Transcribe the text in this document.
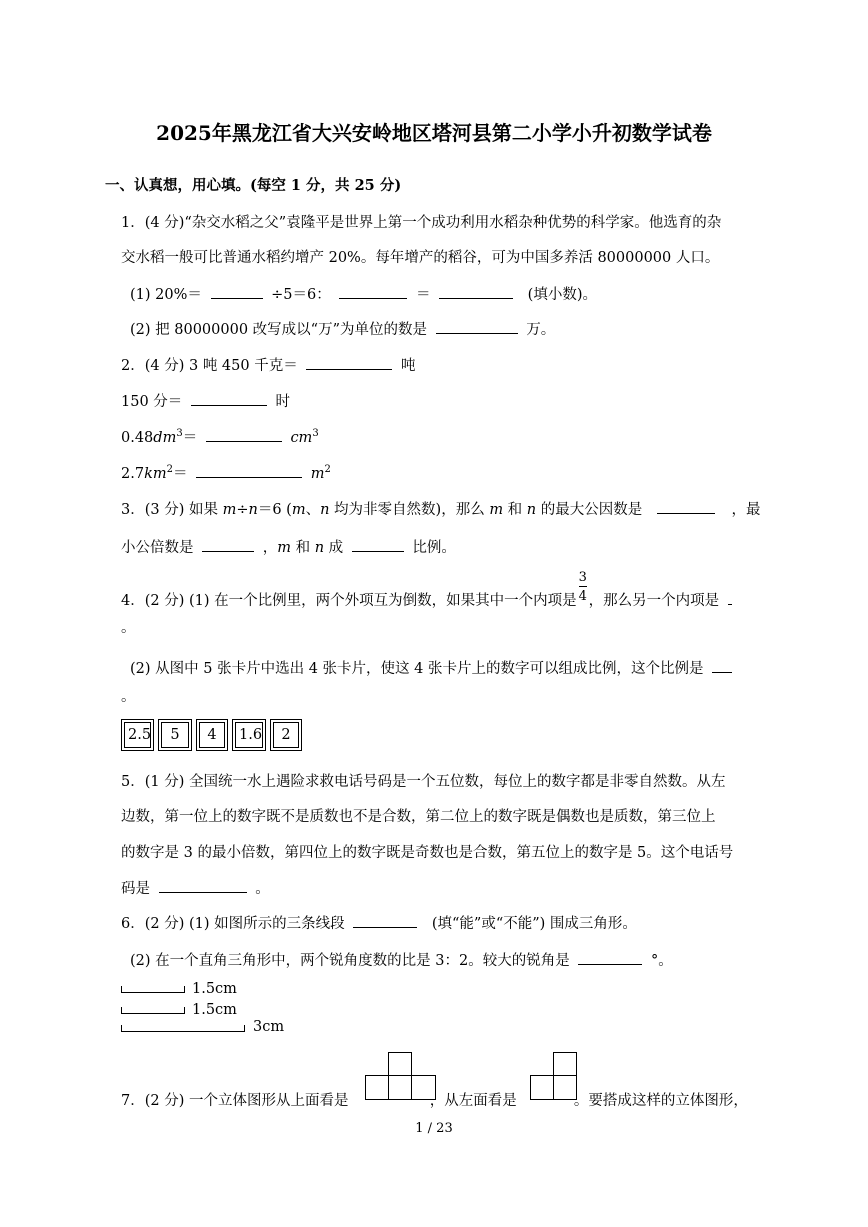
2025年黑龙江省大兴安岭地区塔河县第二小学小升初数学试卷
一、认真想，用心填。(每空 1 分，共 25 分)
1．(4 分)“杂交水稻之父”袁隆平是世界上第一个成功利用水稻杂种优势的科学家。他选育的杂
交水稻一般可比普通水稻约增产 20%。每年增产的稻谷，可为中国多养活 80000000 人口。
(1) 20%＝	÷5＝6：	＝	(填小数)。
(2) 把 80000000 改写成以“万”为单位的数是	万。
2．(4 分) 3 吨 450 千克＝	吨
150 分＝	时
$0.48dm^3=$	$cm^3$
$2.7km^2=$	$m^2$
3．(3 分) 如果 m÷n＝6 (m、n 均为非零自然数)，那么 m 和 n 的最大公因数是	，最
小公倍数是	，m 和 n 成	比例。
4．(2 分) (1) 在一个比例里，两个外项互为倒数，如果其中一个内项是 $\frac{3}{4}$ ，那么另一个内项是
。
(2) 从图中 5 张卡片中选出 4 张卡片，使这 4 张卡片上的数字可以组成比例，这个比例是
。
2.5	5	4	1.6	2
5．(1 分) 全国统一水上遇险求救电话号码是一个五位数，每位上的数字都是非零自然数。从左
边数，第一位上的数字既不是质数也不是合数，第二位上的数字既是偶数也是质数，第三位上
的数字是 3 的最小倍数，第四位上的数字既是奇数也是合数，第五位上的数字是 5。这个电话号
码是	。
6．(2 分) (1) 如图所示的三条线段	(填“能”或“不能”) 围成三角形。
(2) 在一个直角三角形中，两个锐角度数的比是 3：2。较大的锐角是	°。
1.5cm
1.5cm
3cm
7．(2 分) 一个立体图形从上面看是	，从左面看是	。要搭成这样的立体图形，
1 / 23
